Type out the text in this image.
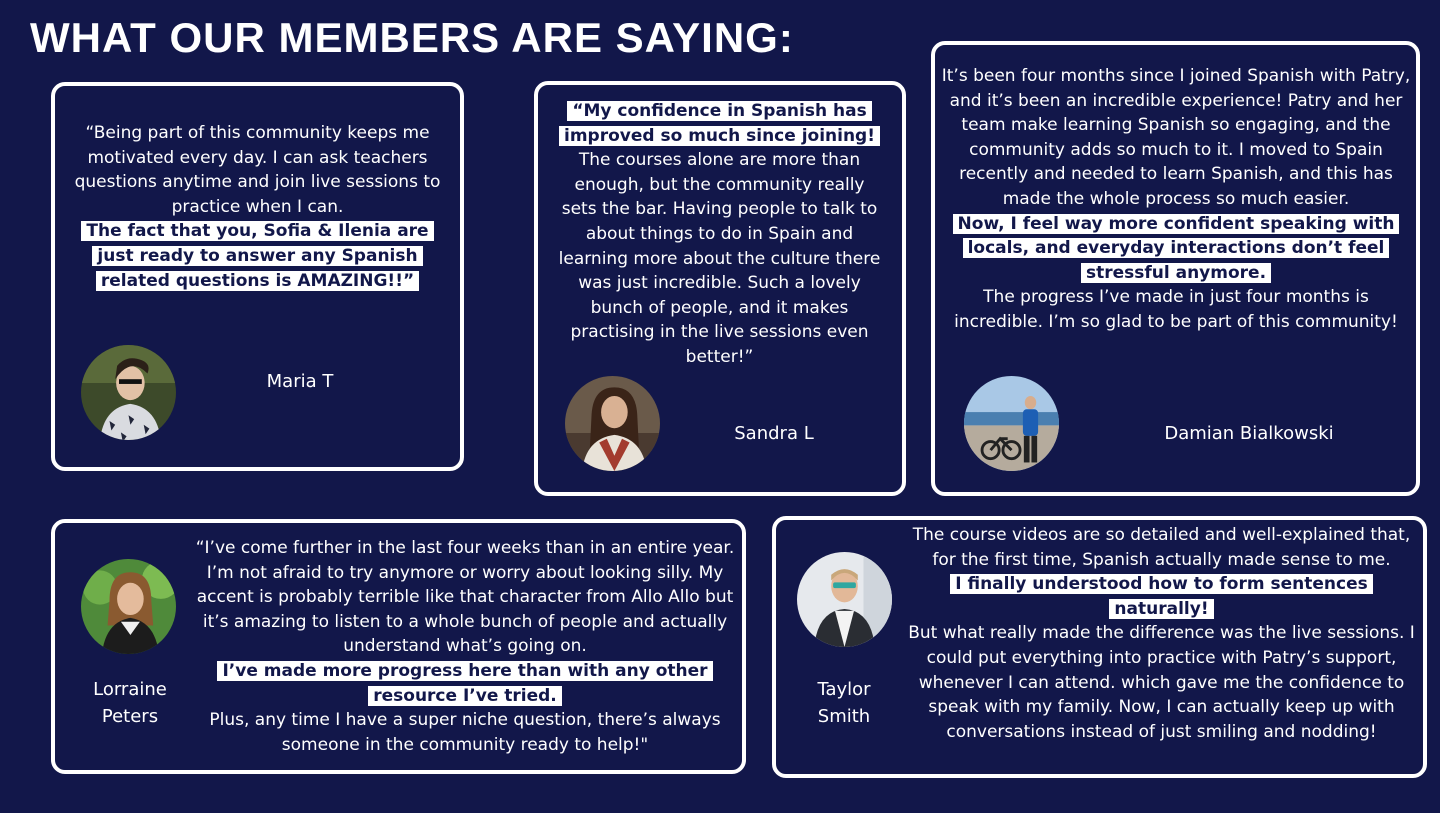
WHAT OUR MEMBERS ARE SAYING:

“Being part of this community keeps me motivated every day. I can ask teachers questions anytime and join live sessions to practice when I can.

The fact that you, Sofia & Ilenia are just ready to answer any Spanish related questions is AMAZING!!”

Maria T

“My confidence in Spanish has improved so much since joining!

The courses alone are more than enough, but the community really sets the bar. Having people to talk to about things to do in Spain and learning more about the culture there was just incredible. Such a lovely bunch of people, and it makes practising in the live sessions even better!”

Sandra L

It’s been four months since I joined Spanish with Patry, and it’s been an incredible experience! Patry and her team make learning Spanish so engaging, and the community adds so much to it. I moved to Spain recently and needed to learn Spanish, and this has made the whole process so much easier.

Now, I feel way more confident speaking with locals, and everyday interactions don’t feel stressful anymore.

The progress I’ve made in just four months is incredible. I’m so glad to be part of this community!

Damian Bialkowski

“I’ve come further in the last four weeks than in an entire year. I’m not afraid to try anymore or worry about looking silly. My accent is probably terrible like that character from Allo Allo but it’s amazing to listen to a whole bunch of people and actually understand what’s going on.

I’ve made more progress here than with any other resource I’ve tried.

Plus, any time I have a super niche question, there’s always someone in the community ready to help!"

Lorraine Peters

The course videos are so detailed and well-explained that, for the first time, Spanish actually made sense to me.

I finally understood how to form sentences naturally!

But what really made the difference was the live sessions. I could put everything into practice with Patry’s support, whenever I can attend. which gave me the confidence to speak with my family. Now, I can actually keep up with conversations instead of just smiling and nodding!

Taylor Smith
